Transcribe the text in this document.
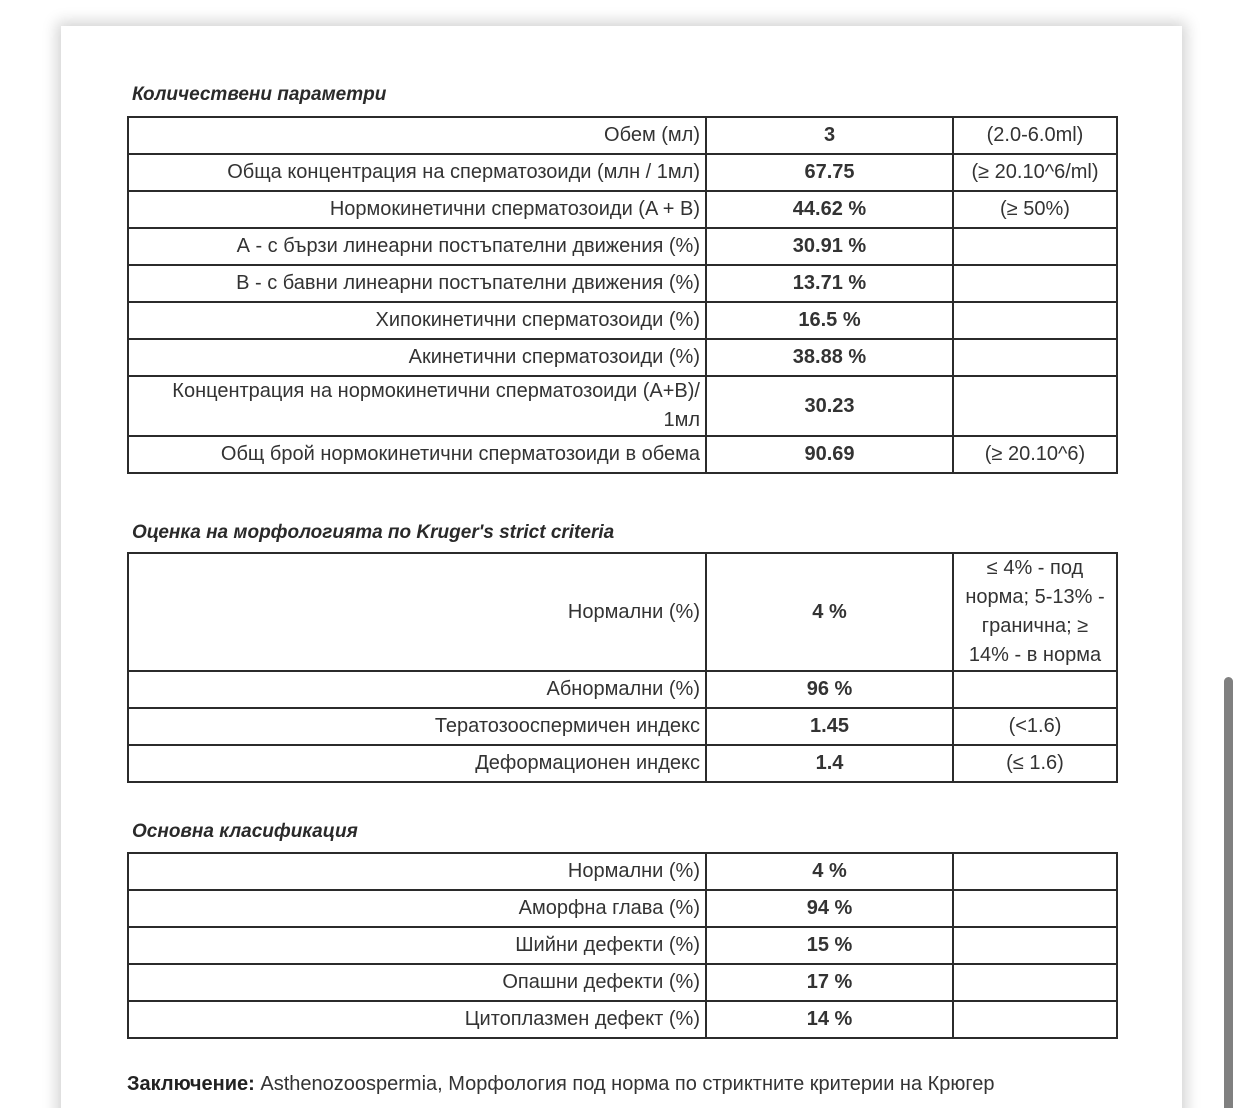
Количествени параметри
Обем (мл)	3	(2.0-6.0ml)
Обща концентрация на сперматозоиди (млн / 1мл)	67.75	(≥ 20.10^6/ml)
Нормокинетични сперматозоиди (A + B)	44.62 %	(≥ 50%)
А - с бързи линеарни постъпателни движения (%)	30.91 %	
В - с бавни линеарни постъпателни движения (%)	13.71 %	
Хипокинетични сперматозоиди (%)	16.5 %	
Акинетични сперматозоиди (%)	38.88 %	
Концентрация на нормокинетични сперматозоиди (A+B)/ 1мл	30.23	
Общ брой нормокинетични сперматозоиди в обема	90.69	(≥ 20.10^6)
Оценка на морфологията по Kruger's strict criteria
Нормални (%)	4 %	≤ 4% - под норма; 5-13% - гранична; ≥ 14% - в норма
Абнормални (%)	96 %	
Тератозооспермичен индекс	1.45	(<1.6)
Деформационен индекс	1.4	(≤ 1.6)
Основна класификация
Нормални (%)	4 %	
Аморфна глава (%)	94 %	
Шийни дефекти (%)	15 %	
Опашни дефекти (%)	17 %	
Цитоплазмен дефект (%)	14 %	
Заключение: Asthenozoospermia, Морфология под норма по стриктните критерии на Крюгер
